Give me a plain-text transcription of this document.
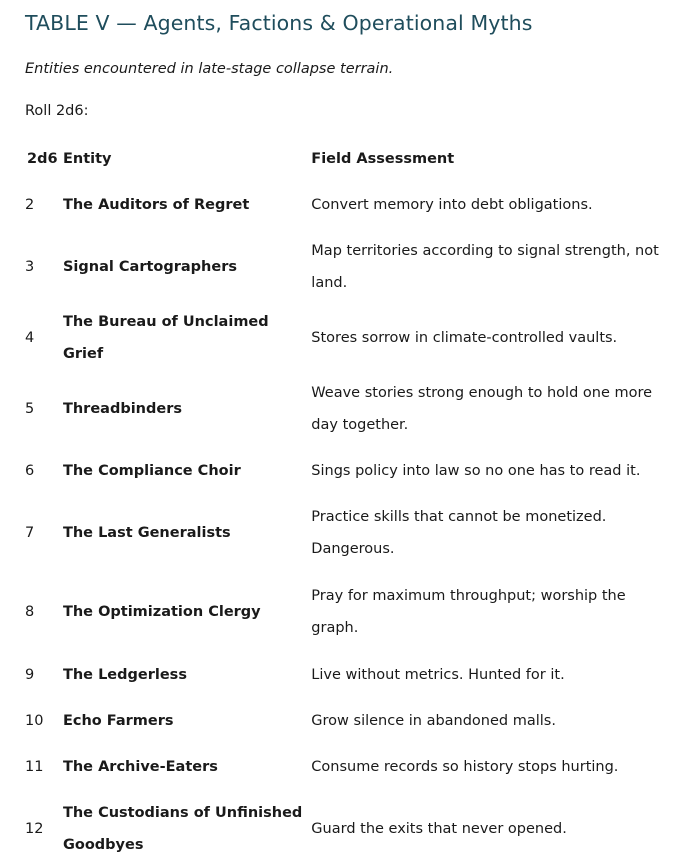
TABLE V — Agents, Factions & Operational Myths

Entities encountered in late-stage collapse terrain.

Roll 2d6:

2d6	Entity	Field Assessment
2	The Auditors of Regret	Convert memory into debt obligations.
3	Signal Cartographers	Map territories according to signal strength, not land.
4	The Bureau of Unclaimed Grief	Stores sorrow in climate-controlled vaults.
5	Threadbinders	Weave stories strong enough to hold one more day together.
6	The Compliance Choir	Sings policy into law so no one has to read it.
7	The Last Generalists	Practice skills that cannot be monetized. Dangerous.
8	The Optimization Clergy	Pray for maximum throughput; worship the graph.
9	The Ledgerless	Live without metrics. Hunted for it.
10	Echo Farmers	Grow silence in abandoned malls.
11	The Archive-Eaters	Consume records so history stops hurting.
12	The Custodians of Unfinished Goodbyes	Guard the exits that never opened.
